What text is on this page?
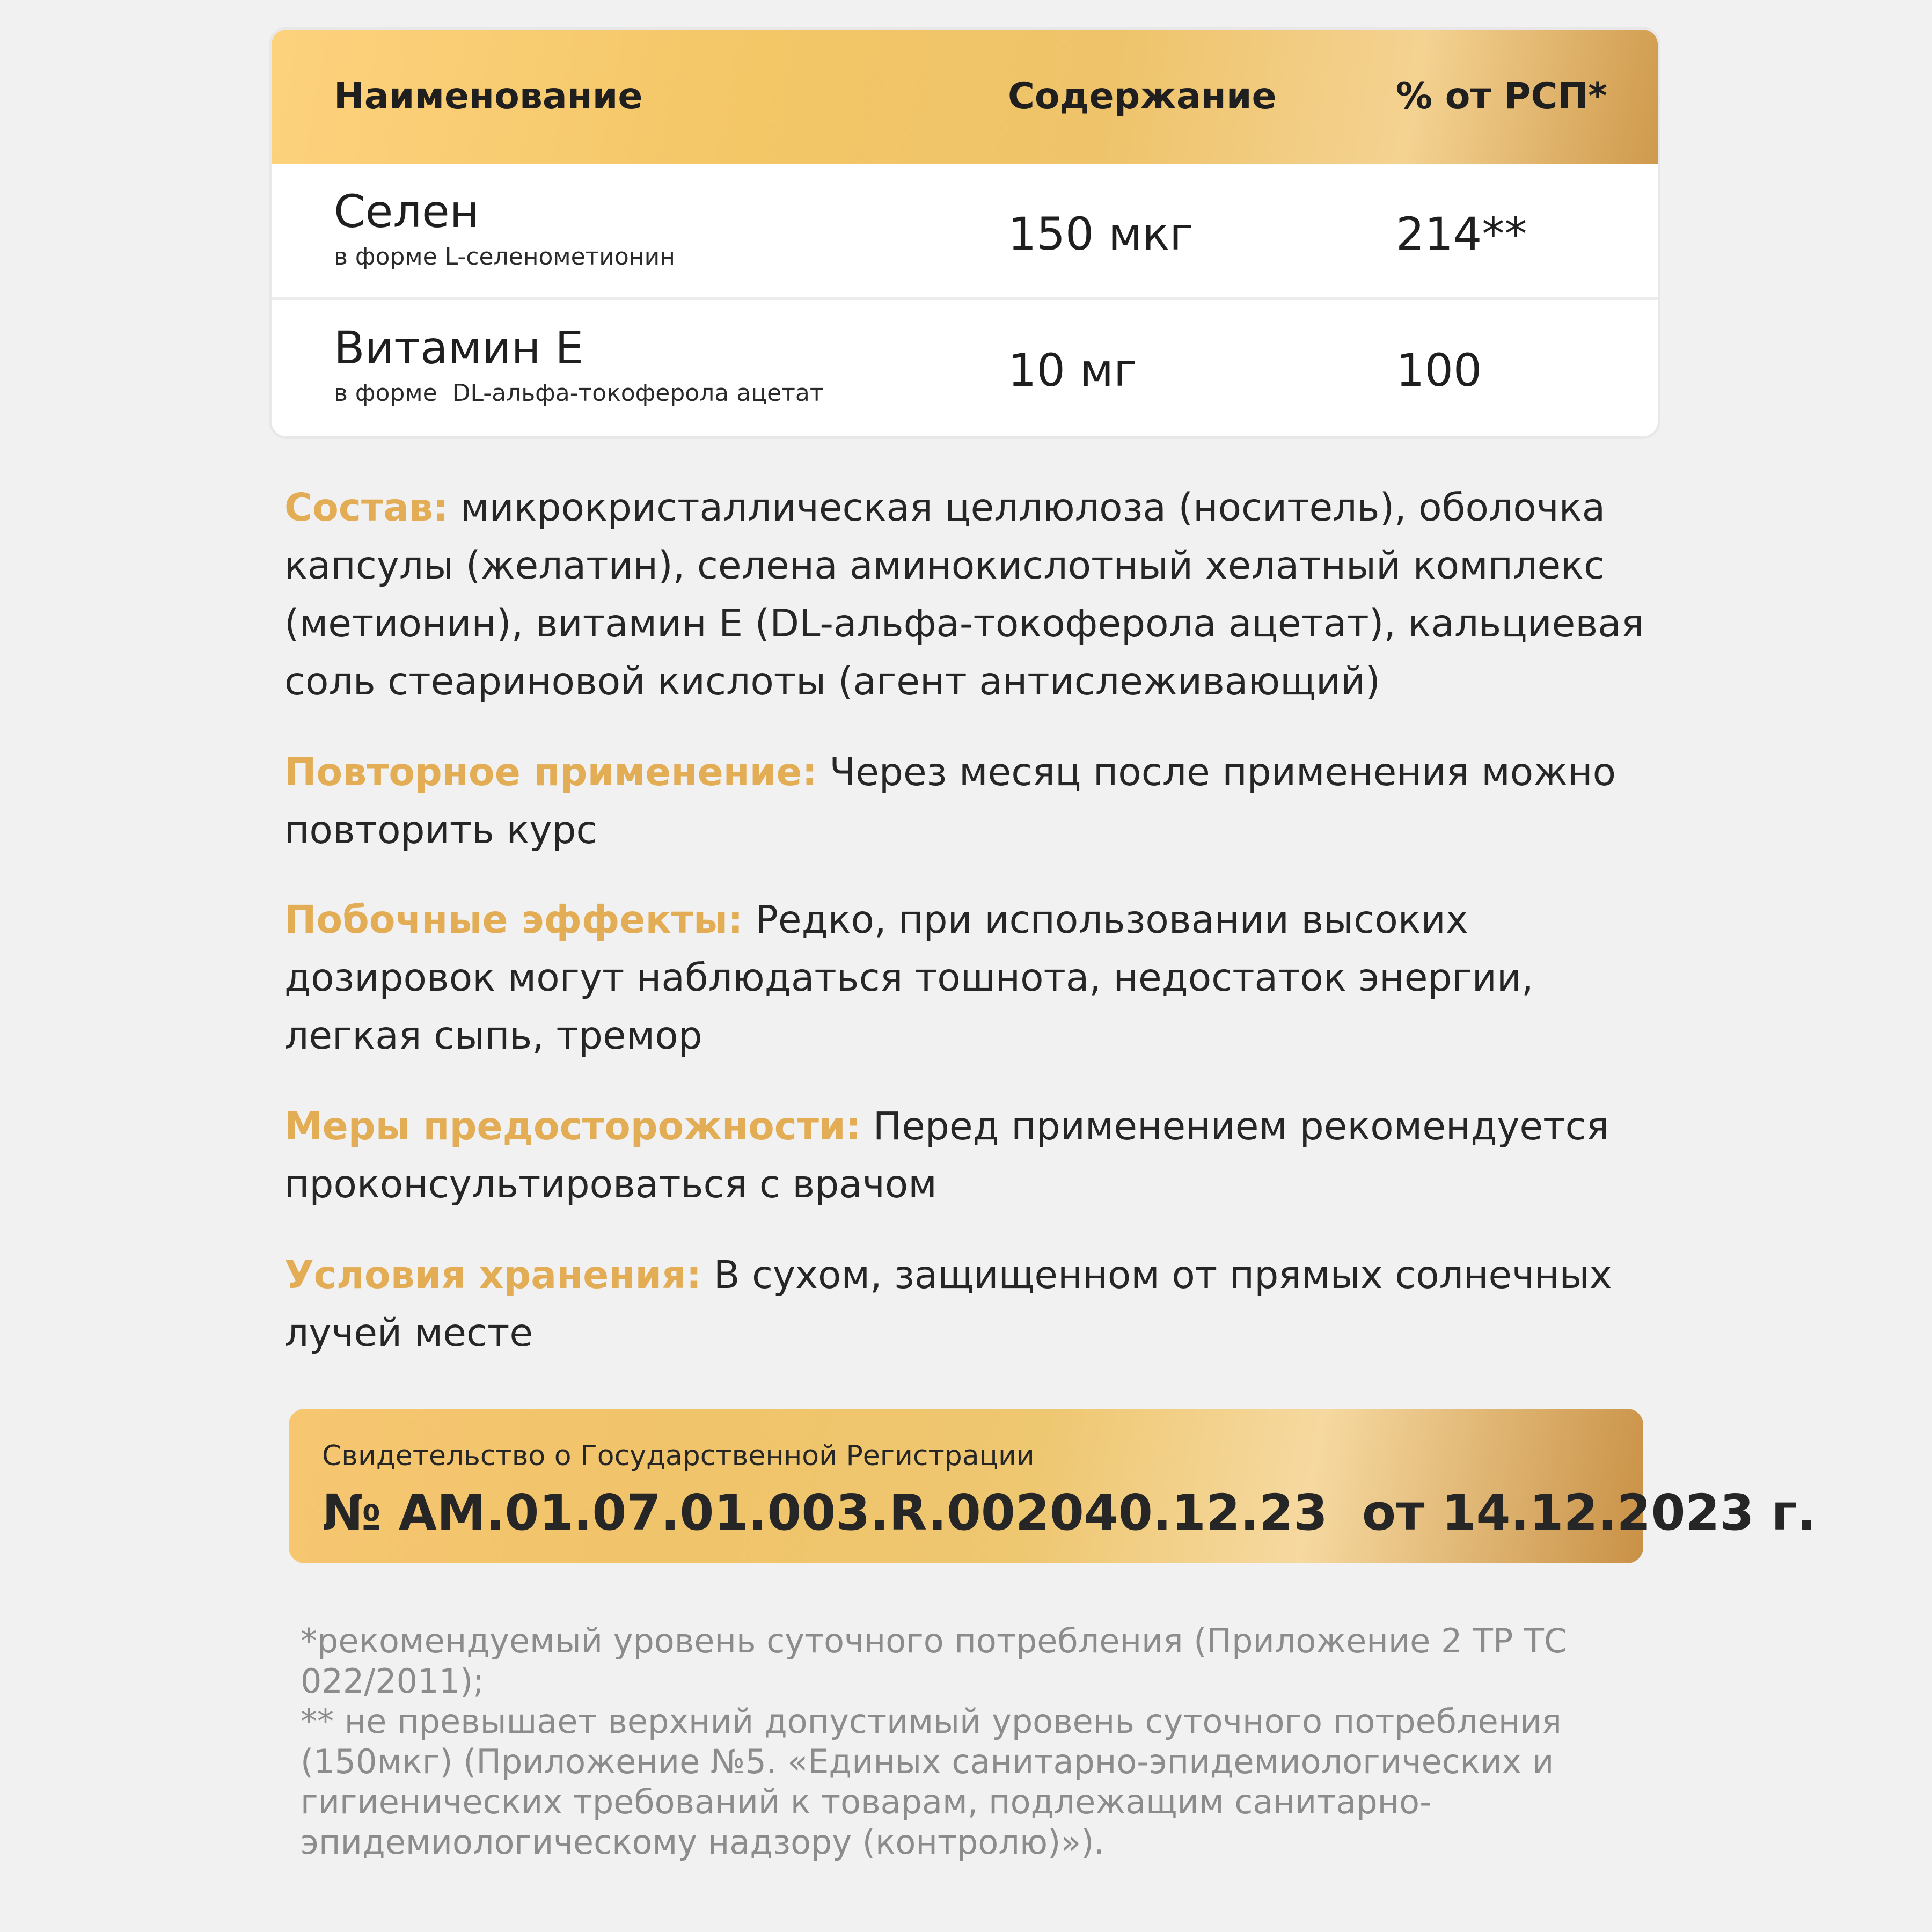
Наименование	Содержание	% от РСП*
Селен
в форме L-селенометионин	150 мкг	214**
Витамин Е
в форме  DL-альфа-токоферола ацетат	10 мг	100

Состав: микрокристаллическая целлюлоза (носитель), оболочка капсулы (желатин), селена аминокислотный хелатный комплекс (метионин), витамин Е (DL-альфа-токоферола ацетат), кальциевая соль стеариновой кислоты (агент антислеживающий)

Повторное применение: Через месяц после применения можно повторить курс

Побочные эффекты: Редко, при использовании высоких дозировок могут наблюдаться тошнота, недостаток энергии, легкая сыпь, тремор

Меры предосторожности: Перед применением рекомендуется проконсультироваться с врачом

Условия хранения: В сухом, защищенном от прямых солнечных лучей месте

Свидетельство о Государственной Регистрации
№ AM.01.07.01.003.R.002040.12.23  от 14.12.2023 г.

*рекомендуемый уровень суточного потребления (Приложение 2 ТР ТС 022/2011);

** не превышает верхний допустимый уровень суточного потребления (150мкг) (Приложение №5. «Единых санитарно-эпидемиологических и гигиенических требований к товарам, подлежащим санитарно-эпидемиологическому надзору (контролю)»).
